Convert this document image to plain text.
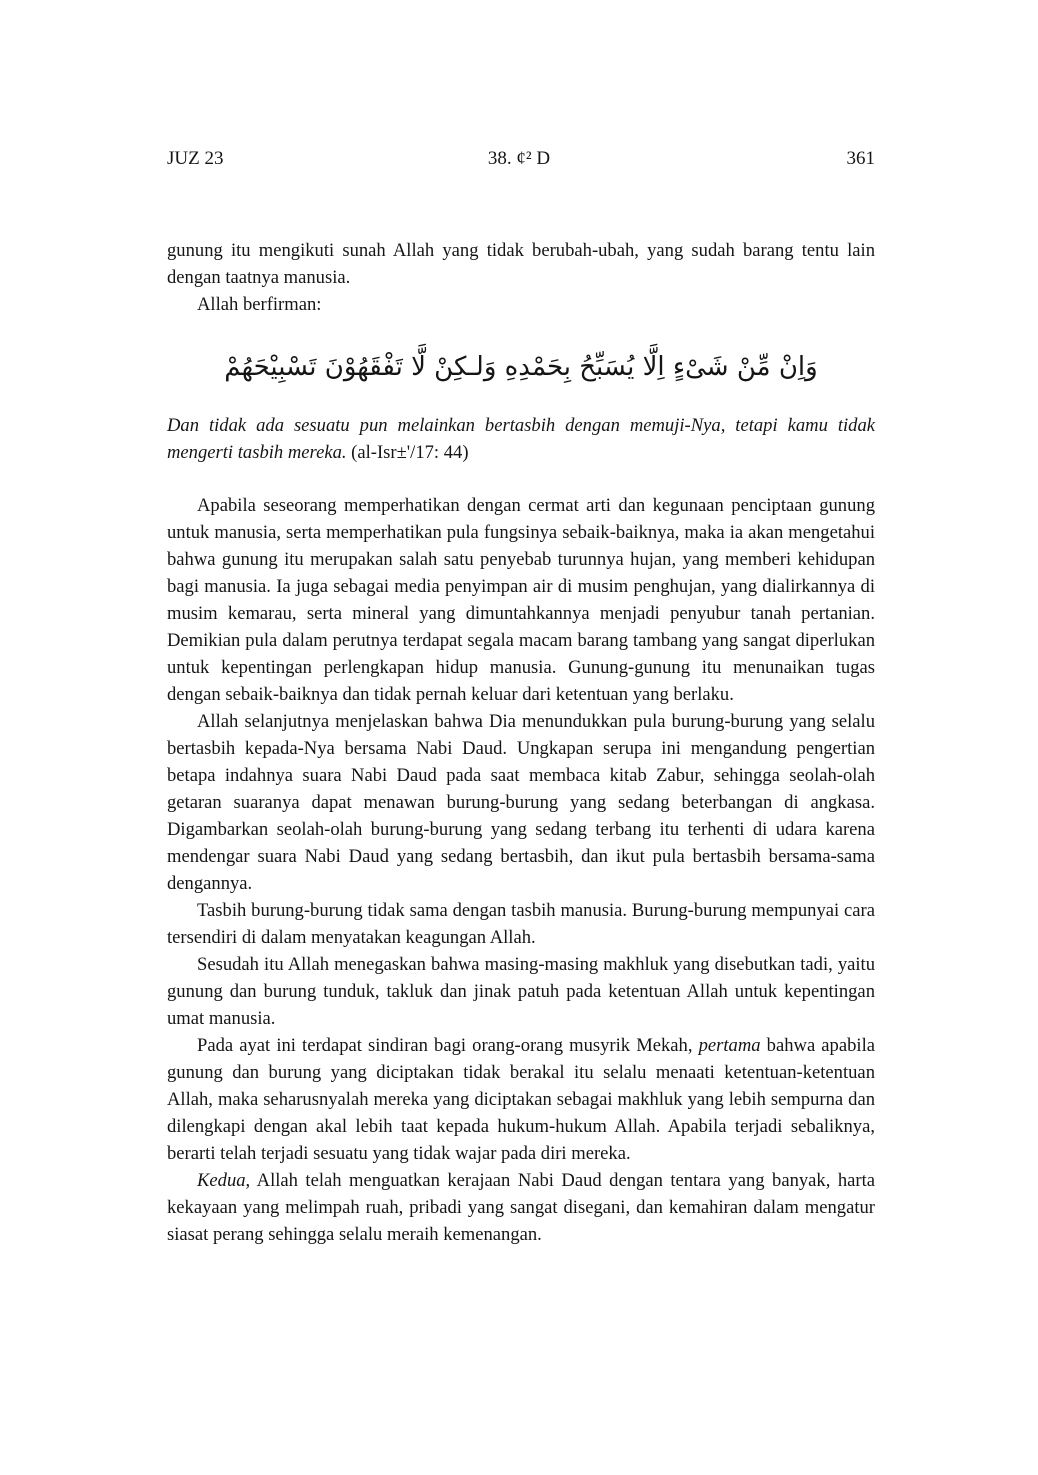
JUZ 23	38. ¢² D	361

gunung itu mengikuti sunah Allah yang tidak berubah-ubah, yang sudah barang tentu lain dengan taatnya manusia.

Allah berfirman:

وَاِنْ مِّنْ شَىْءٍ اِلَّا يُسَبِّحُ بِحَمْدِهِ وَلـكِنْ لَّا تَفْقَهُوْنَ تَسْبِيْحَهُمْ

Dan tidak ada sesuatu pun melainkan bertasbih dengan memuji-Nya, tetapi kamu tidak mengerti tasbih mereka. (al-Isr±'/17: 44)

Apabila seseorang memperhatikan dengan cermat arti dan kegunaan penciptaan gunung untuk manusia, serta memperhatikan pula fungsinya sebaik-baiknya, maka ia akan mengetahui bahwa gunung itu merupakan salah satu penyebab turunnya hujan, yang memberi kehidupan bagi manusia. Ia juga sebagai media penyimpan air di musim penghujan, yang dialirkannya di musim kemarau, serta mineral yang dimuntahkannya menjadi penyubur tanah pertanian. Demikian pula dalam perutnya terdapat segala macam barang tambang yang sangat diperlukan untuk kepentingan perlengkapan hidup manusia. Gunung-gunung itu menunaikan tugas dengan sebaik-baiknya dan tidak pernah keluar dari ketentuan yang berlaku.

Allah selanjutnya menjelaskan bahwa Dia menundukkan pula burung-burung yang selalu bertasbih kepada-Nya bersama Nabi Daud. Ungkapan serupa ini mengandung pengertian betapa indahnya suara Nabi Daud pada saat membaca kitab Zabur, sehingga seolah-olah getaran suaranya dapat menawan burung-burung yang sedang beterbangan di angkasa. Digambarkan seolah-olah burung-burung yang sedang terbang itu terhenti di udara karena mendengar suara Nabi Daud yang sedang bertasbih, dan ikut pula bertasbih bersama-sama dengannya.

Tasbih burung-burung tidak sama dengan tasbih manusia. Burung-burung mempunyai cara tersendiri di dalam menyatakan keagungan Allah.

Sesudah itu Allah menegaskan bahwa masing-masing makhluk yang disebutkan tadi, yaitu gunung dan burung tunduk, takluk dan jinak patuh pada ketentuan Allah untuk kepentingan umat manusia.

Pada ayat ini terdapat sindiran bagi orang-orang musyrik Mekah, pertama bahwa apabila gunung dan burung yang diciptakan tidak berakal itu selalu menaati ketentuan-ketentuan Allah, maka seharusnyalah mereka yang diciptakan sebagai makhluk yang lebih sempurna dan dilengkapi dengan akal lebih taat kepada hukum-hukum Allah. Apabila terjadi sebaliknya, berarti telah terjadi sesuatu yang tidak wajar pada diri mereka.

Kedua, Allah telah menguatkan kerajaan Nabi Daud dengan tentara yang banyak, harta kekayaan yang melimpah ruah, pribadi yang sangat disegani, dan kemahiran dalam mengatur siasat perang sehingga selalu meraih kemenangan.
